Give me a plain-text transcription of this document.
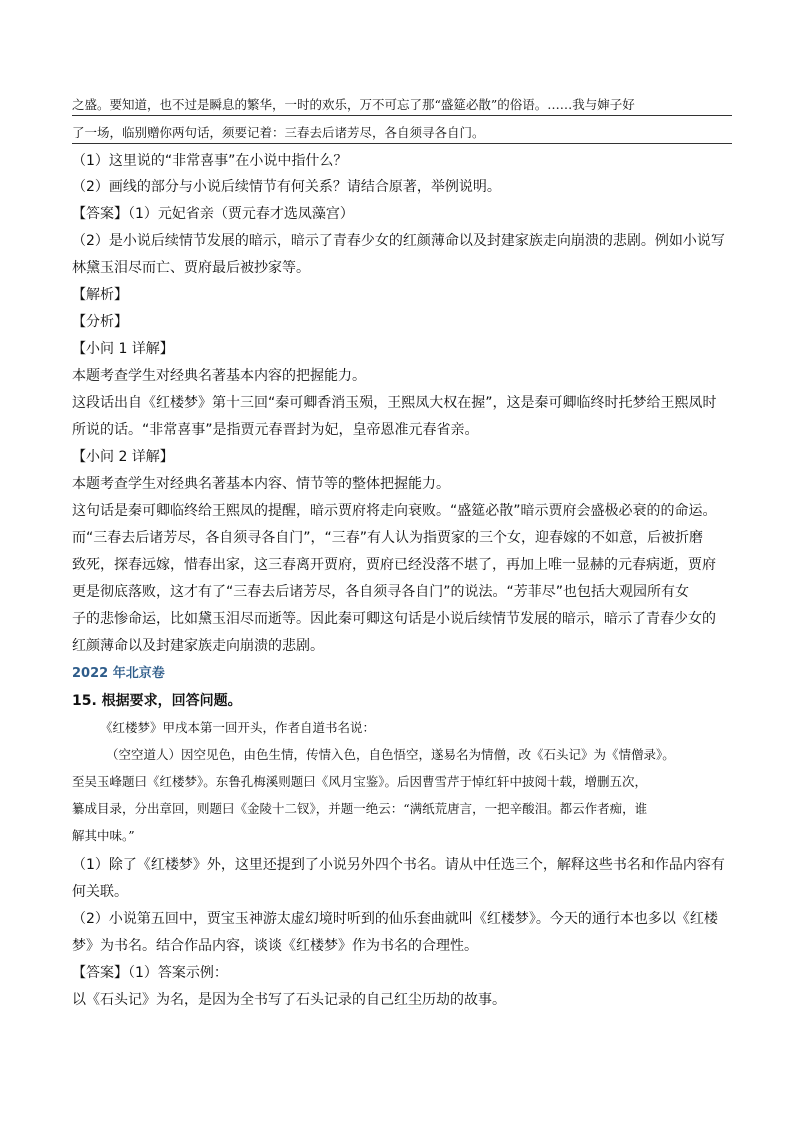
之盛。要知道，也不过是瞬息的繁华，一时的欢乐，万不可忘了那“盛筵必散”的俗语。……我与婶子好
了一场，临别赠你两句话，须要记着：三春去后诸芳尽，各自须寻各自门。
（1）这里说的“非常喜事”在小说中指什么？
（2）画线的部分与小说后续情节有何关系？请结合原著，举例说明。
【答案】（1）元妃省亲（贾元春才选凤藻宫）
（2）是小说后续情节发展的暗示，暗示了青春少女的红颜薄命以及封建家族走向崩溃的悲剧。例如小说写
林黛玉泪尽而亡、贾府最后被抄家等。
【解析】
【分析】
【小问 1 详解】
本题考查学生对经典名著基本内容的把握能力。
这段话出自《红楼梦》第十三回“秦可卿香消玉殒，王熙凤大权在握”，这是秦可卿临终时托梦给王熙凤时
所说的话。“非常喜事”是指贾元春晋封为妃，皇帝恩准元春省亲。
【小问 2 详解】
本题考查学生对经典名著基本内容、情节等的整体把握能力。
这句话是秦可卿临终给王熙凤的提醒，暗示贾府将走向衰败。“盛筵必散”暗示贾府会盛极必衰的的命运。
而“三春去后诸芳尽，各自须寻各自门”，“三春”有人认为指贾家的三个女，迎春嫁的不如意，后被折磨
致死，探春远嫁，惜春出家，这三春离开贾府，贾府已经没落不堪了，再加上唯一显赫的元春病逝，贾府
更是彻底落败，这才有了“三春去后诸芳尽，各自须寻各自门”的说法。“芳菲尽”也包括大观园所有女
子的悲惨命运，比如黛玉泪尽而逝等。因此秦可卿这句话是小说后续情节发展的暗示，暗示了青春少女的
红颜薄命以及封建家族走向崩溃的悲剧。
2022 年北京卷
15. 根据要求，回答问题。
《红楼梦》甲戌本第一回开头，作者自道书名说：
（空空道人）因空见色，由色生情，传情入色，自色悟空，遂易名为情僧，改《石头记》为《情僧录》。
至吴玉峰题曰《红楼梦》。东鲁孔梅溪则题曰《风月宝鉴》。后因曹雪芹于悼红轩中披阅十载，增删五次，
纂成目录，分出章回，则题曰《金陵十二钗》，并题一绝云：“满纸荒唐言，一把辛酸泪。都云作者痴，谁
解其中味。”
（1）除了《红楼梦》外，这里还提到了小说另外四个书名。请从中任选三个，解释这些书名和作品内容有
何关联。
（2）小说第五回中，贾宝玉神游太虚幻境时听到的仙乐套曲就叫《红楼梦》。今天的通行本也多以《红楼
梦》为书名。结合作品内容，谈谈《红楼梦》作为书名的合理性。
【答案】（1）答案示例：
以《石头记》为名，是因为全书写了石头记录的自己红尘历劫的故事。
